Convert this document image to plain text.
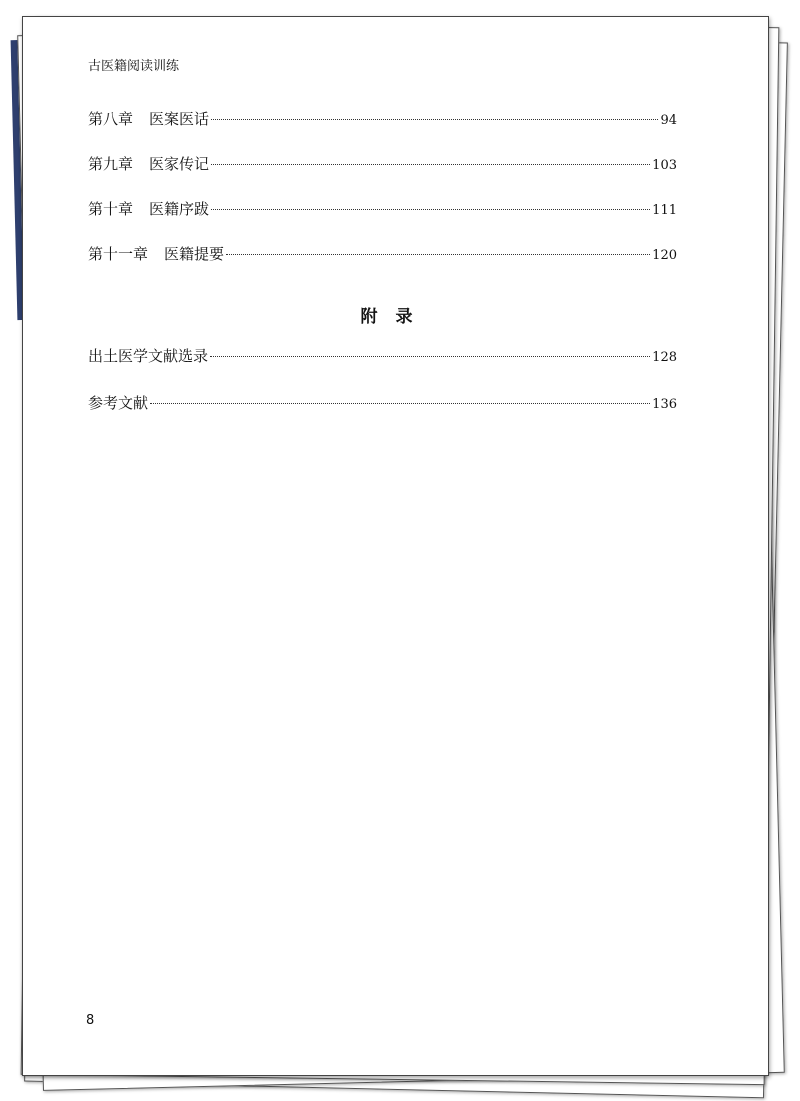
古医籍阅读训练
第八章 医案医话	94
第九章 医家传记	103
第十章 医籍序跋	111
第十一章 医籍提要	120
附录
出土医学文献选录	128
参考文献	136
8
